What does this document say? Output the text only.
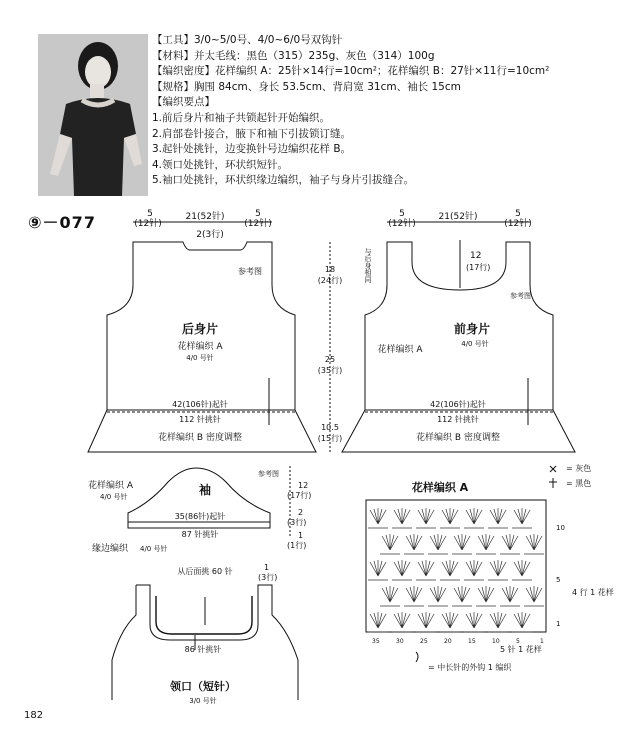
【工具】3/0~5/0号、4/0~6/0号双钩针
【材料】并太毛线：黑色（315）235g、灰色（314）100g
【编织密度】花样编织 A：25针×14行=10cm²；花样编织 B：27针×11行=10cm²
【规格】胸围 84cm、身长 53.5cm、背肩宽 31cm、袖长 15cm
【编织要点】
1.前后身片和袖子共锁起针开始编织。
2.肩部卷针接合，腋下和袖下引拔锁订缝。
3.起针处挑针，边变换针号边编织花样 B。
4.领口处挑针，环状织短针。
5.袖口处挑针，环状织缘边编织，袖子与身片引拔缝合。
⑨－077	5
(12针)
21(52针)	5
(12针)
2(3行)
参考图
后身片
花样编织 A
4/0 号针
42(106针)起针
112 针挑针
花样编织 B 密度调整
5
(12针)
21(52针)	5
(12针)
12
(17行)
与后身相同
参考图
前身片
花样编织 A
4/0 号针
42(106针)起针
112 针挑针
花样编织 B 密度调整
18
(24行)
25
(35行)
10.5
(15行)
花样编织 A
4/0 号针	袖
参考图
35(86针)起针
87 针挑针
缘边编织 4/0 号针
12
(17行)
2
(3行)
1
(1行)
从后面挑 60 针	1
(3行)
86 针挑针
领口（短针）
3/0 号针
花样编织 A
= 灰色
= 黑色
4 行 1 花样
5 针 1 花样
= 中长针的外钩 1 编织
10
5
1
35	30	25	20	15	10	5	1
182
